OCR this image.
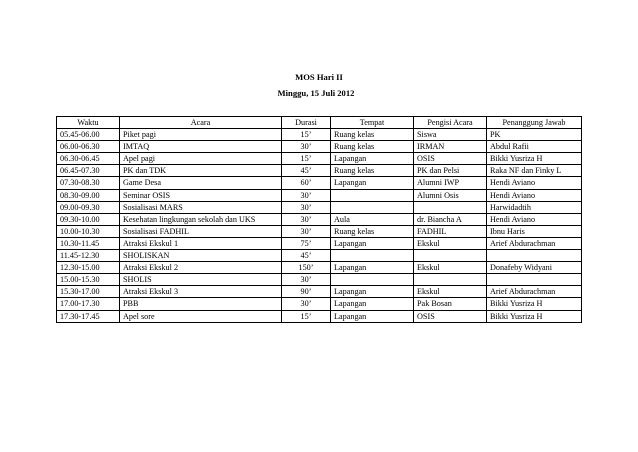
MOS Hari II
Minggu, 15 Juli 2012
Waktu	Acara	Durasi	Tempat	Pengisi Acara	Penanggung Jawab
05.45-06.00	Piket pagi	15’	Ruang kelas	Siswa	PK
06.00-06.30	IMTAQ	30’	Ruang kelas	IRMAN	Abdul Rafii
06.30-06.45	Apel pagi	15’	Lapangan	OSIS	Bikki Yusriza H
06.45-07.30	PK dan TDK	45’	Ruang kelas	PK dan Pelsi	Raka NF dan Finky L
07.30-08.30	Game Desa	60’	Lapangan	Alumni IWP	Hendi Aviano
08.30-09.00	Seminar OSIS	30’		Alumni Osis	Hendi Aviano
09.00-09.30	Sosialisasi MARS	30’			Harwidadtih
09.30-10.00	Kesehatan lingkungan sekolah dan UKS	30’	Aula	dr. Biancha A	Hendi Aviano
10.00-10.30	Sosialisasi FADHIL	30’	Ruang kelas	FADHIL	Ibnu Haris
10.30-11.45	Atraksi Ekskul 1	75’	Lapangan	Ekskul	Arief Abdurachman
11.45-12.30	SHOLISKAN	45’			
12.30-15.00	Atraksi Ekskul 2	150’	Lapangan	Ekskul	Donafeby Widyani
15.00-15.30	SHOLIS	30’			
15.30-17.00	Atraksi Ekskul 3	90’	Lapangan	Ekskul	Arief Abdurachman
17.00-17.30	PBB	30’	Lapangan	Pak Bosan	Bikki Yusriza H
17.30-17.45	Apel sore	15’	Lapangan	OSIS	Bikki Yusriza H
